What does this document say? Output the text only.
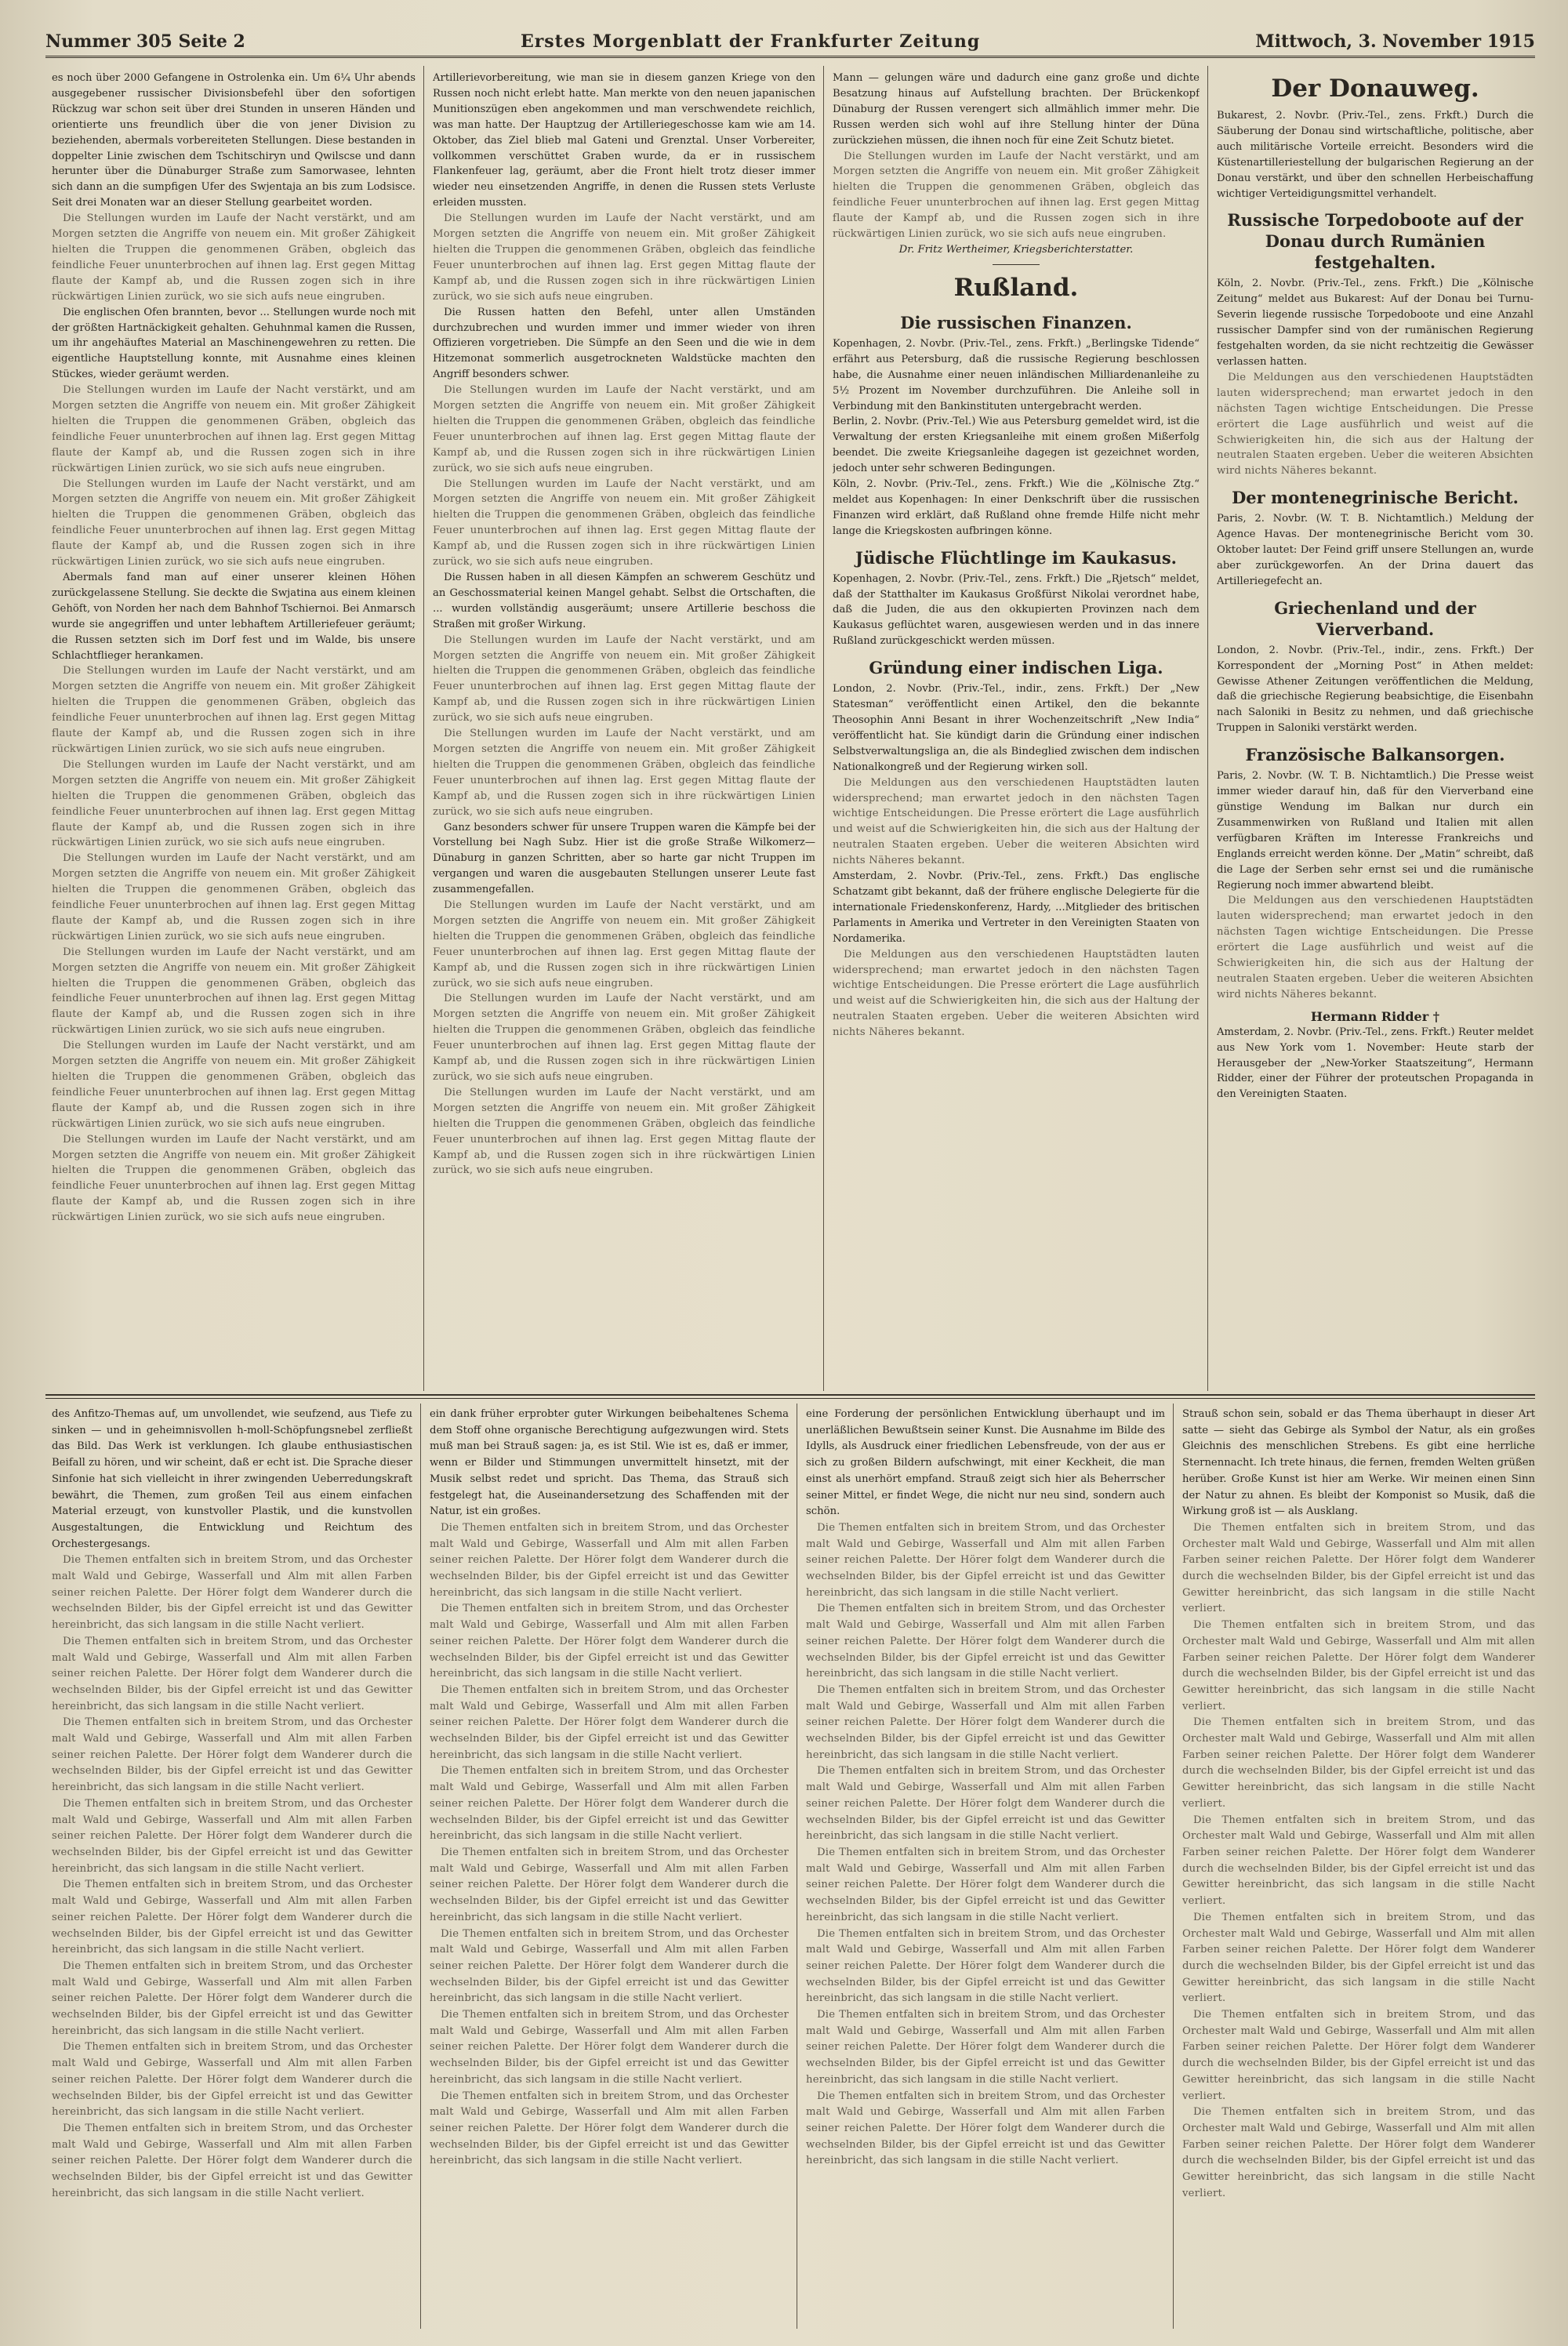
Nummer 305 Seite 2	Erstes Morgenblatt der Frankfurter Zeitung	Mittwoch, 3. November 1915

es noch über 2000 Gefangene in Ostrolenka ein. Um 6¼ Uhr abends ausgegebener russischer Divisionsbefehl über den sofortigen Rückzug war schon seit über drei Stunden in unseren Händen und orientierte uns freundlich über die von jener Division zu beziehenden, abermals vorbereiteten Stellungen. Diese bestanden in doppelter Linie zwischen dem Tschitschiryn und Qwilscse und dann herunter über die Dünaburger Straße zum Samorwasee, lehnten sich dann an die sumpfigen Ufer des Swjentaja an bis zum Lodsisce. Seit drei Monaten war an dieser Stellung gearbeitet worden.

Die Stellungen wurden im Laufe der Nacht verstärkt, und am Morgen setzten die Angriffe von neuem ein. Mit großer Zähigkeit hielten die Truppen die genommenen Gräben, obgleich das feindliche Feuer ununterbrochen auf ihnen lag. Erst gegen Mittag flaute der Kampf ab, und die Russen zogen sich in ihre rückwärtigen Linien zurück, wo sie sich aufs neue eingruben.

Die englischen Ofen brannten, bevor ... Stellungen wurde noch mit der größten Hartnäckigkeit gehalten. Gehuhnmal kamen die Russen, um ihr angehäuftes Material an Maschinengewehren zu retten. Die eigentliche Hauptstellung konnte, mit Ausnahme eines kleinen Stückes, wieder geräumt werden.

Die Stellungen wurden im Laufe der Nacht verstärkt, und am Morgen setzten die Angriffe von neuem ein. Mit großer Zähigkeit hielten die Truppen die genommenen Gräben, obgleich das feindliche Feuer ununterbrochen auf ihnen lag. Erst gegen Mittag flaute der Kampf ab, und die Russen zogen sich in ihre rückwärtigen Linien zurück, wo sie sich aufs neue eingruben.

Die Stellungen wurden im Laufe der Nacht verstärkt, und am Morgen setzten die Angriffe von neuem ein. Mit großer Zähigkeit hielten die Truppen die genommenen Gräben, obgleich das feindliche Feuer ununterbrochen auf ihnen lag. Erst gegen Mittag flaute der Kampf ab, und die Russen zogen sich in ihre rückwärtigen Linien zurück, wo sie sich aufs neue eingruben.

Abermals fand man auf einer unserer kleinen Höhen zurückgelassene Stellung. Sie deckte die Swjatina aus einem kleinen Gehöft, von Norden her nach dem Bahnhof Tschiernoi. Bei Anmarsch wurde sie angegriffen und unter lebhaftem Artilleriefeuer geräumt; die Russen setzten sich im Dorf fest und im Walde, bis unsere Schlachtflieger herankamen.

Die Stellungen wurden im Laufe der Nacht verstärkt, und am Morgen setzten die Angriffe von neuem ein. Mit großer Zähigkeit hielten die Truppen die genommenen Gräben, obgleich das feindliche Feuer ununterbrochen auf ihnen lag. Erst gegen Mittag flaute der Kampf ab, und die Russen zogen sich in ihre rückwärtigen Linien zurück, wo sie sich aufs neue eingruben.

Die Stellungen wurden im Laufe der Nacht verstärkt, und am Morgen setzten die Angriffe von neuem ein. Mit großer Zähigkeit hielten die Truppen die genommenen Gräben, obgleich das feindliche Feuer ununterbrochen auf ihnen lag. Erst gegen Mittag flaute der Kampf ab, und die Russen zogen sich in ihre rückwärtigen Linien zurück, wo sie sich aufs neue eingruben.

Die Stellungen wurden im Laufe der Nacht verstärkt, und am Morgen setzten die Angriffe von neuem ein. Mit großer Zähigkeit hielten die Truppen die genommenen Gräben, obgleich das feindliche Feuer ununterbrochen auf ihnen lag. Erst gegen Mittag flaute der Kampf ab, und die Russen zogen sich in ihre rückwärtigen Linien zurück, wo sie sich aufs neue eingruben.

Die Stellungen wurden im Laufe der Nacht verstärkt, und am Morgen setzten die Angriffe von neuem ein. Mit großer Zähigkeit hielten die Truppen die genommenen Gräben, obgleich das feindliche Feuer ununterbrochen auf ihnen lag. Erst gegen Mittag flaute der Kampf ab, und die Russen zogen sich in ihre rückwärtigen Linien zurück, wo sie sich aufs neue eingruben.

Die Stellungen wurden im Laufe der Nacht verstärkt, und am Morgen setzten die Angriffe von neuem ein. Mit großer Zähigkeit hielten die Truppen die genommenen Gräben, obgleich das feindliche Feuer ununterbrochen auf ihnen lag. Erst gegen Mittag flaute der Kampf ab, und die Russen zogen sich in ihre rückwärtigen Linien zurück, wo sie sich aufs neue eingruben.

Die Stellungen wurden im Laufe der Nacht verstärkt, und am Morgen setzten die Angriffe von neuem ein. Mit großer Zähigkeit hielten die Truppen die genommenen Gräben, obgleich das feindliche Feuer ununterbrochen auf ihnen lag. Erst gegen Mittag flaute der Kampf ab, und die Russen zogen sich in ihre rückwärtigen Linien zurück, wo sie sich aufs neue eingruben.

Artillerievorbereitung, wie man sie in diesem ganzen Kriege von den Russen noch nicht erlebt hatte. Man merkte von den neuen japanischen Munitionszügen eben angekommen und man verschwendete reichlich, was man hatte. Der Hauptzug der Artilleriegeschosse kam wie am 14. Oktober, das Ziel blieb mal Gateni und Grenztal. Unser Vorbereiter, vollkommen verschüttet Graben wurde, da er in russischem Flankenfeuer lag, geräumt, aber die Front hielt trotz dieser immer wieder neu einsetzenden Angriffe, in denen die Russen stets Verluste erleiden mussten.

Die Stellungen wurden im Laufe der Nacht verstärkt, und am Morgen setzten die Angriffe von neuem ein. Mit großer Zähigkeit hielten die Truppen die genommenen Gräben, obgleich das feindliche Feuer ununterbrochen auf ihnen lag. Erst gegen Mittag flaute der Kampf ab, und die Russen zogen sich in ihre rückwärtigen Linien zurück, wo sie sich aufs neue eingruben.

Die Russen hatten den Befehl, unter allen Umständen durchzubrechen und wurden immer und immer wieder von ihren Offizieren vorgetrieben. Die Sümpfe an den Seen und die wie in dem Hitzemonat sommerlich ausgetrockneten Waldstücke machten den Angriff besonders schwer.

Die Stellungen wurden im Laufe der Nacht verstärkt, und am Morgen setzten die Angriffe von neuem ein. Mit großer Zähigkeit hielten die Truppen die genommenen Gräben, obgleich das feindliche Feuer ununterbrochen auf ihnen lag. Erst gegen Mittag flaute der Kampf ab, und die Russen zogen sich in ihre rückwärtigen Linien zurück, wo sie sich aufs neue eingruben.

Die Stellungen wurden im Laufe der Nacht verstärkt, und am Morgen setzten die Angriffe von neuem ein. Mit großer Zähigkeit hielten die Truppen die genommenen Gräben, obgleich das feindliche Feuer ununterbrochen auf ihnen lag. Erst gegen Mittag flaute der Kampf ab, und die Russen zogen sich in ihre rückwärtigen Linien zurück, wo sie sich aufs neue eingruben.

Die Russen haben in all diesen Kämpfen an schwerem Geschütz und an Geschossmaterial keinen Mangel gehabt. Selbst die Ortschaften, die ... wurden vollständig ausgeräumt; unsere Artillerie beschoss die Straßen mit großer Wirkung.

Die Stellungen wurden im Laufe der Nacht verstärkt, und am Morgen setzten die Angriffe von neuem ein. Mit großer Zähigkeit hielten die Truppen die genommenen Gräben, obgleich das feindliche Feuer ununterbrochen auf ihnen lag. Erst gegen Mittag flaute der Kampf ab, und die Russen zogen sich in ihre rückwärtigen Linien zurück, wo sie sich aufs neue eingruben.

Die Stellungen wurden im Laufe der Nacht verstärkt, und am Morgen setzten die Angriffe von neuem ein. Mit großer Zähigkeit hielten die Truppen die genommenen Gräben, obgleich das feindliche Feuer ununterbrochen auf ihnen lag. Erst gegen Mittag flaute der Kampf ab, und die Russen zogen sich in ihre rückwärtigen Linien zurück, wo sie sich aufs neue eingruben.

Ganz besonders schwer für unsere Truppen waren die Kämpfe bei der Vorstellung bei Nagh Subz. Hier ist die große Straße Wilkomerz—Dünaburg in ganzen Schritten, aber so harte gar nicht Truppen im vergangen und waren die ausgebauten Stellungen unserer Leute fast zusammengefallen.

Die Stellungen wurden im Laufe der Nacht verstärkt, und am Morgen setzten die Angriffe von neuem ein. Mit großer Zähigkeit hielten die Truppen die genommenen Gräben, obgleich das feindliche Feuer ununterbrochen auf ihnen lag. Erst gegen Mittag flaute der Kampf ab, und die Russen zogen sich in ihre rückwärtigen Linien zurück, wo sie sich aufs neue eingruben.

Die Stellungen wurden im Laufe der Nacht verstärkt, und am Morgen setzten die Angriffe von neuem ein. Mit großer Zähigkeit hielten die Truppen die genommenen Gräben, obgleich das feindliche Feuer ununterbrochen auf ihnen lag. Erst gegen Mittag flaute der Kampf ab, und die Russen zogen sich in ihre rückwärtigen Linien zurück, wo sie sich aufs neue eingruben.

Die Stellungen wurden im Laufe der Nacht verstärkt, und am Morgen setzten die Angriffe von neuem ein. Mit großer Zähigkeit hielten die Truppen die genommenen Gräben, obgleich das feindliche Feuer ununterbrochen auf ihnen lag. Erst gegen Mittag flaute der Kampf ab, und die Russen zogen sich in ihre rückwärtigen Linien zurück, wo sie sich aufs neue eingruben.

Mann — gelungen wäre und dadurch eine ganz große und dichte Besatzung hinaus auf Aufstellung brachten. Der Brückenkopf Dünaburg der Russen verengert sich allmählich immer mehr. Die Russen werden sich wohl auf ihre Stellung hinter der Düna zurückziehen müssen, die ihnen noch für eine Zeit Schutz bietet.

Die Stellungen wurden im Laufe der Nacht verstärkt, und am Morgen setzten die Angriffe von neuem ein. Mit großer Zähigkeit hielten die Truppen die genommenen Gräben, obgleich das feindliche Feuer ununterbrochen auf ihnen lag. Erst gegen Mittag flaute der Kampf ab, und die Russen zogen sich in ihre rückwärtigen Linien zurück, wo sie sich aufs neue eingruben.

Dr. Fritz Wertheimer, Kriegsberichterstatter.

Rußland.
Die russischen Finanzen.

Kopenhagen, 2. Novbr. (Priv.-Tel., zens. Frkft.) „Berlingske Tidende“ erfährt aus Petersburg, daß die russische Regierung beschlossen habe, die Ausnahme einer neuen inländischen Milliardenanleihe zu 5½ Prozent im November durchzuführen. Die Anleihe soll in Verbindung mit den Bankinstituten untergebracht werden.

Berlin, 2. Novbr. (Priv.-Tel.) Wie aus Petersburg gemeldet wird, ist die Verwaltung der ersten Kriegsanleihe mit einem großen Mißerfolg beendet. Die zweite Kriegsanleihe dagegen ist gezeichnet worden, jedoch unter sehr schweren Bedingungen.

Köln, 2. Novbr. (Priv.-Tel., zens. Frkft.) Wie die „Kölnische Ztg.“ meldet aus Kopenhagen: In einer Denkschrift über die russischen Finanzen wird erklärt, daß Rußland ohne fremde Hilfe nicht mehr lange die Kriegskosten aufbringen könne.

Jüdische Flüchtlinge im Kaukasus.

Kopenhagen, 2. Novbr. (Priv.-Tel., zens. Frkft.) Die „Rjetsch“ meldet, daß der Statthalter im Kaukasus Großfürst Nikolai verordnet habe, daß die Juden, die aus den okkupierten Provinzen nach dem Kaukasus geflüchtet waren, ausgewiesen werden und in das innere Rußland zurückgeschickt werden müssen.

Gründung einer indischen Liga.

London, 2. Novbr. (Priv.-Tel., indir., zens. Frkft.) Der „New Statesman“ veröffentlicht einen Artikel, den die bekannte Theosophin Anni Besant in ihrer Wochenzeitschrift „New India“ veröffentlicht hat. Sie kündigt darin die Gründung einer indischen Selbstverwaltungsliga an, die als Bindeglied zwischen dem indischen Nationalkongreß und der Regierung wirken soll.

Die Meldungen aus den verschiedenen Hauptstädten lauten widersprechend; man erwartet jedoch in den nächsten Tagen wichtige Entscheidungen. Die Presse erörtert die Lage ausführlich und weist auf die Schwierigkeiten hin, die sich aus der Haltung der neutralen Staaten ergeben. Ueber die weiteren Absichten wird nichts Näheres bekannt.

Amsterdam, 2. Novbr. (Priv.-Tel., zens. Frkft.) Das englische Schatzamt gibt bekannt, daß der frühere englische Delegierte für die internationale Friedenskonferenz, Hardy, ...Mitglieder des britischen Parlaments in Amerika und Vertreter in den Vereinigten Staaten von Nordamerika.

Die Meldungen aus den verschiedenen Hauptstädten lauten widersprechend; man erwartet jedoch in den nächsten Tagen wichtige Entscheidungen. Die Presse erörtert die Lage ausführlich und weist auf die Schwierigkeiten hin, die sich aus der Haltung der neutralen Staaten ergeben. Ueber die weiteren Absichten wird nichts Näheres bekannt.

Der Donauweg.

Bukarest, 2. Novbr. (Priv.-Tel., zens. Frkft.) Durch die Säuberung der Donau sind wirtschaftliche, politische, aber auch militärische Vorteile erreicht. Besonders wird die Küstenartilleriestellung der bulgarischen Regierung an der Donau verstärkt, und über den schnellen Herbeischaffung wichtiger Verteidigungsmittel verhandelt.

Russische Torpedoboote auf der Donau durch Rumänien festgehalten.

Köln, 2. Novbr. (Priv.-Tel., zens. Frkft.) Die „Kölnische Zeitung“ meldet aus Bukarest: Auf der Donau bei Turnu-Severin liegende russische Torpedoboote und eine Anzahl russischer Dampfer sind von der rumänischen Regierung festgehalten worden, da sie nicht rechtzeitig die Gewässer verlassen hatten.

Die Meldungen aus den verschiedenen Hauptstädten lauten widersprechend; man erwartet jedoch in den nächsten Tagen wichtige Entscheidungen. Die Presse erörtert die Lage ausführlich und weist auf die Schwierigkeiten hin, die sich aus der Haltung der neutralen Staaten ergeben. Ueber die weiteren Absichten wird nichts Näheres bekannt.

Der montenegrinische Bericht.

Paris, 2. Novbr. (W. T. B. Nichtamtlich.) Meldung der Agence Havas. Der montenegrinische Bericht vom 30. Oktober lautet: Der Feind griff unsere Stellungen an, wurde aber zurückgeworfen. An der Drina dauert das Artilleriegefecht an.

Griechenland und der Vierverband.

London, 2. Novbr. (Priv.-Tel., indir., zens. Frkft.) Der Korrespondent der „Morning Post“ in Athen meldet: Gewisse Athener Zeitungen veröffentlichen die Meldung, daß die griechische Regierung beabsichtige, die Eisenbahn nach Saloniki in Besitz zu nehmen, und daß griechische Truppen in Saloniki verstärkt werden.

Französische Balkansorgen.

Paris, 2. Novbr. (W. T. B. Nichtamtlich.) Die Presse weist immer wieder darauf hin, daß für den Vierverband eine günstige Wendung im Balkan nur durch ein Zusammenwirken von Rußland und Italien mit allen verfügbaren Kräften im Interesse Frankreichs und Englands erreicht werden könne. Der „Matin“ schreibt, daß die Lage der Serben sehr ernst sei und die rumänische Regierung noch immer abwartend bleibt.

Die Meldungen aus den verschiedenen Hauptstädten lauten widersprechend; man erwartet jedoch in den nächsten Tagen wichtige Entscheidungen. Die Presse erörtert die Lage ausführlich und weist auf die Schwierigkeiten hin, die sich aus der Haltung der neutralen Staaten ergeben. Ueber die weiteren Absichten wird nichts Näheres bekannt.

Hermann Ridder †

Amsterdam, 2. Novbr. (Priv.-Tel., zens. Frkft.) Reuter meldet aus New York vom 1. November: Heute starb der Herausgeber der „New-Yorker Staatszeitung“, Hermann Ridder, einer der Führer der proteutschen Propaganda in den Vereinigten Staaten.

des Anfitzo-Themas auf, um unvollendet, wie seufzend, aus Tiefe zu sinken — und in geheimnisvollen h-moll-Schöpfungsnebel zerfließt das Bild. Das Werk ist verklungen. Ich glaube enthusiastischen Beifall zu hören, und wir scheint, daß er echt ist. Die Sprache dieser Sinfonie hat sich vielleicht in ihrer zwingenden Ueberredungskraft bewährt, die Themen, zum großen Teil aus einem einfachen Material erzeugt, von kunstvoller Plastik, und die kunstvollen Ausgestaltungen, die Entwicklung und Reichtum des Orchestergesangs.

Die Themen entfalten sich in breitem Strom, und das Orchester malt Wald und Gebirge, Wasserfall und Alm mit allen Farben seiner reichen Palette. Der Hörer folgt dem Wanderer durch die wechselnden Bilder, bis der Gipfel erreicht ist und das Gewitter hereinbricht, das sich langsam in die stille Nacht verliert.

Die Themen entfalten sich in breitem Strom, und das Orchester malt Wald und Gebirge, Wasserfall und Alm mit allen Farben seiner reichen Palette. Der Hörer folgt dem Wanderer durch die wechselnden Bilder, bis der Gipfel erreicht ist und das Gewitter hereinbricht, das sich langsam in die stille Nacht verliert.

Die Themen entfalten sich in breitem Strom, und das Orchester malt Wald und Gebirge, Wasserfall und Alm mit allen Farben seiner reichen Palette. Der Hörer folgt dem Wanderer durch die wechselnden Bilder, bis der Gipfel erreicht ist und das Gewitter hereinbricht, das sich langsam in die stille Nacht verliert.

Die Themen entfalten sich in breitem Strom, und das Orchester malt Wald und Gebirge, Wasserfall und Alm mit allen Farben seiner reichen Palette. Der Hörer folgt dem Wanderer durch die wechselnden Bilder, bis der Gipfel erreicht ist und das Gewitter hereinbricht, das sich langsam in die stille Nacht verliert.

Die Themen entfalten sich in breitem Strom, und das Orchester malt Wald und Gebirge, Wasserfall und Alm mit allen Farben seiner reichen Palette. Der Hörer folgt dem Wanderer durch die wechselnden Bilder, bis der Gipfel erreicht ist und das Gewitter hereinbricht, das sich langsam in die stille Nacht verliert.

Die Themen entfalten sich in breitem Strom, und das Orchester malt Wald und Gebirge, Wasserfall und Alm mit allen Farben seiner reichen Palette. Der Hörer folgt dem Wanderer durch die wechselnden Bilder, bis der Gipfel erreicht ist und das Gewitter hereinbricht, das sich langsam in die stille Nacht verliert.

Die Themen entfalten sich in breitem Strom, und das Orchester malt Wald und Gebirge, Wasserfall und Alm mit allen Farben seiner reichen Palette. Der Hörer folgt dem Wanderer durch die wechselnden Bilder, bis der Gipfel erreicht ist und das Gewitter hereinbricht, das sich langsam in die stille Nacht verliert.

Die Themen entfalten sich in breitem Strom, und das Orchester malt Wald und Gebirge, Wasserfall und Alm mit allen Farben seiner reichen Palette. Der Hörer folgt dem Wanderer durch die wechselnden Bilder, bis der Gipfel erreicht ist und das Gewitter hereinbricht, das sich langsam in die stille Nacht verliert.

ein dank früher erprobter guter Wirkungen beibehaltenes Schema dem Stoff ohne organische Berechtigung aufgezwungen wird. Stets muß man bei Strauß sagen: ja, es ist Stil. Wie ist es, daß er immer, wenn er Bilder und Stimmungen unvermittelt hinsetzt, mit der Musik selbst redet und spricht. Das Thema, das Strauß sich festgelegt hat, die Auseinandersetzung des Schaffenden mit der Natur, ist ein großes.

Die Themen entfalten sich in breitem Strom, und das Orchester malt Wald und Gebirge, Wasserfall und Alm mit allen Farben seiner reichen Palette. Der Hörer folgt dem Wanderer durch die wechselnden Bilder, bis der Gipfel erreicht ist und das Gewitter hereinbricht, das sich langsam in die stille Nacht verliert.

Die Themen entfalten sich in breitem Strom, und das Orchester malt Wald und Gebirge, Wasserfall und Alm mit allen Farben seiner reichen Palette. Der Hörer folgt dem Wanderer durch die wechselnden Bilder, bis der Gipfel erreicht ist und das Gewitter hereinbricht, das sich langsam in die stille Nacht verliert.

Die Themen entfalten sich in breitem Strom, und das Orchester malt Wald und Gebirge, Wasserfall und Alm mit allen Farben seiner reichen Palette. Der Hörer folgt dem Wanderer durch die wechselnden Bilder, bis der Gipfel erreicht ist und das Gewitter hereinbricht, das sich langsam in die stille Nacht verliert.

Die Themen entfalten sich in breitem Strom, und das Orchester malt Wald und Gebirge, Wasserfall und Alm mit allen Farben seiner reichen Palette. Der Hörer folgt dem Wanderer durch die wechselnden Bilder, bis der Gipfel erreicht ist und das Gewitter hereinbricht, das sich langsam in die stille Nacht verliert.

Die Themen entfalten sich in breitem Strom, und das Orchester malt Wald und Gebirge, Wasserfall und Alm mit allen Farben seiner reichen Palette. Der Hörer folgt dem Wanderer durch die wechselnden Bilder, bis der Gipfel erreicht ist und das Gewitter hereinbricht, das sich langsam in die stille Nacht verliert.

Die Themen entfalten sich in breitem Strom, und das Orchester malt Wald und Gebirge, Wasserfall und Alm mit allen Farben seiner reichen Palette. Der Hörer folgt dem Wanderer durch die wechselnden Bilder, bis der Gipfel erreicht ist und das Gewitter hereinbricht, das sich langsam in die stille Nacht verliert.

Die Themen entfalten sich in breitem Strom, und das Orchester malt Wald und Gebirge, Wasserfall und Alm mit allen Farben seiner reichen Palette. Der Hörer folgt dem Wanderer durch die wechselnden Bilder, bis der Gipfel erreicht ist und das Gewitter hereinbricht, das sich langsam in die stille Nacht verliert.

Die Themen entfalten sich in breitem Strom, und das Orchester malt Wald und Gebirge, Wasserfall und Alm mit allen Farben seiner reichen Palette. Der Hörer folgt dem Wanderer durch die wechselnden Bilder, bis der Gipfel erreicht ist und das Gewitter hereinbricht, das sich langsam in die stille Nacht verliert.

eine Forderung der persönlichen Entwicklung überhaupt und im unerläßlichen Bewußtsein seiner Kunst. Die Ausnahme im Bilde des Idylls, als Ausdruck einer friedlichen Lebensfreude, von der aus er sich zu großen Bildern aufschwingt, mit einer Keckheit, die man einst als unerhört empfand. Strauß zeigt sich hier als Beherrscher seiner Mittel, er findet Wege, die nicht nur neu sind, sondern auch schön.

Die Themen entfalten sich in breitem Strom, und das Orchester malt Wald und Gebirge, Wasserfall und Alm mit allen Farben seiner reichen Palette. Der Hörer folgt dem Wanderer durch die wechselnden Bilder, bis der Gipfel erreicht ist und das Gewitter hereinbricht, das sich langsam in die stille Nacht verliert.

Die Themen entfalten sich in breitem Strom, und das Orchester malt Wald und Gebirge, Wasserfall und Alm mit allen Farben seiner reichen Palette. Der Hörer folgt dem Wanderer durch die wechselnden Bilder, bis der Gipfel erreicht ist und das Gewitter hereinbricht, das sich langsam in die stille Nacht verliert.

Die Themen entfalten sich in breitem Strom, und das Orchester malt Wald und Gebirge, Wasserfall und Alm mit allen Farben seiner reichen Palette. Der Hörer folgt dem Wanderer durch die wechselnden Bilder, bis der Gipfel erreicht ist und das Gewitter hereinbricht, das sich langsam in die stille Nacht verliert.

Die Themen entfalten sich in breitem Strom, und das Orchester malt Wald und Gebirge, Wasserfall und Alm mit allen Farben seiner reichen Palette. Der Hörer folgt dem Wanderer durch die wechselnden Bilder, bis der Gipfel erreicht ist und das Gewitter hereinbricht, das sich langsam in die stille Nacht verliert.

Die Themen entfalten sich in breitem Strom, und das Orchester malt Wald und Gebirge, Wasserfall und Alm mit allen Farben seiner reichen Palette. Der Hörer folgt dem Wanderer durch die wechselnden Bilder, bis der Gipfel erreicht ist und das Gewitter hereinbricht, das sich langsam in die stille Nacht verliert.

Die Themen entfalten sich in breitem Strom, und das Orchester malt Wald und Gebirge, Wasserfall und Alm mit allen Farben seiner reichen Palette. Der Hörer folgt dem Wanderer durch die wechselnden Bilder, bis der Gipfel erreicht ist und das Gewitter hereinbricht, das sich langsam in die stille Nacht verliert.

Die Themen entfalten sich in breitem Strom, und das Orchester malt Wald und Gebirge, Wasserfall und Alm mit allen Farben seiner reichen Palette. Der Hörer folgt dem Wanderer durch die wechselnden Bilder, bis der Gipfel erreicht ist und das Gewitter hereinbricht, das sich langsam in die stille Nacht verliert.

Die Themen entfalten sich in breitem Strom, und das Orchester malt Wald und Gebirge, Wasserfall und Alm mit allen Farben seiner reichen Palette. Der Hörer folgt dem Wanderer durch die wechselnden Bilder, bis der Gipfel erreicht ist und das Gewitter hereinbricht, das sich langsam in die stille Nacht verliert.

Strauß schon sein, sobald er das Thema überhaupt in dieser Art satte — sieht das Gebirge als Symbol der Natur, als ein großes Gleichnis des menschlichen Strebens. Es gibt eine herrliche Sternennacht. Ich trete hinaus, die fernen, fremden Welten grüßen herüber. Große Kunst ist hier am Werke. Wir meinen einen Sinn der Natur zu ahnen. Es bleibt der Komponist so Musik, daß die Wirkung groß ist — als Ausklang.

Die Themen entfalten sich in breitem Strom, und das Orchester malt Wald und Gebirge, Wasserfall und Alm mit allen Farben seiner reichen Palette. Der Hörer folgt dem Wanderer durch die wechselnden Bilder, bis der Gipfel erreicht ist und das Gewitter hereinbricht, das sich langsam in die stille Nacht verliert.

Die Themen entfalten sich in breitem Strom, und das Orchester malt Wald und Gebirge, Wasserfall und Alm mit allen Farben seiner reichen Palette. Der Hörer folgt dem Wanderer durch die wechselnden Bilder, bis der Gipfel erreicht ist und das Gewitter hereinbricht, das sich langsam in die stille Nacht verliert.

Die Themen entfalten sich in breitem Strom, und das Orchester malt Wald und Gebirge, Wasserfall und Alm mit allen Farben seiner reichen Palette. Der Hörer folgt dem Wanderer durch die wechselnden Bilder, bis der Gipfel erreicht ist und das Gewitter hereinbricht, das sich langsam in die stille Nacht verliert.

Die Themen entfalten sich in breitem Strom, und das Orchester malt Wald und Gebirge, Wasserfall und Alm mit allen Farben seiner reichen Palette. Der Hörer folgt dem Wanderer durch die wechselnden Bilder, bis der Gipfel erreicht ist und das Gewitter hereinbricht, das sich langsam in die stille Nacht verliert.

Die Themen entfalten sich in breitem Strom, und das Orchester malt Wald und Gebirge, Wasserfall und Alm mit allen Farben seiner reichen Palette. Der Hörer folgt dem Wanderer durch die wechselnden Bilder, bis der Gipfel erreicht ist und das Gewitter hereinbricht, das sich langsam in die stille Nacht verliert.

Die Themen entfalten sich in breitem Strom, und das Orchester malt Wald und Gebirge, Wasserfall und Alm mit allen Farben seiner reichen Palette. Der Hörer folgt dem Wanderer durch die wechselnden Bilder, bis der Gipfel erreicht ist und das Gewitter hereinbricht, das sich langsam in die stille Nacht verliert.

Die Themen entfalten sich in breitem Strom, und das Orchester malt Wald und Gebirge, Wasserfall und Alm mit allen Farben seiner reichen Palette. Der Hörer folgt dem Wanderer durch die wechselnden Bilder, bis der Gipfel erreicht ist und das Gewitter hereinbricht, das sich langsam in die stille Nacht verliert.
